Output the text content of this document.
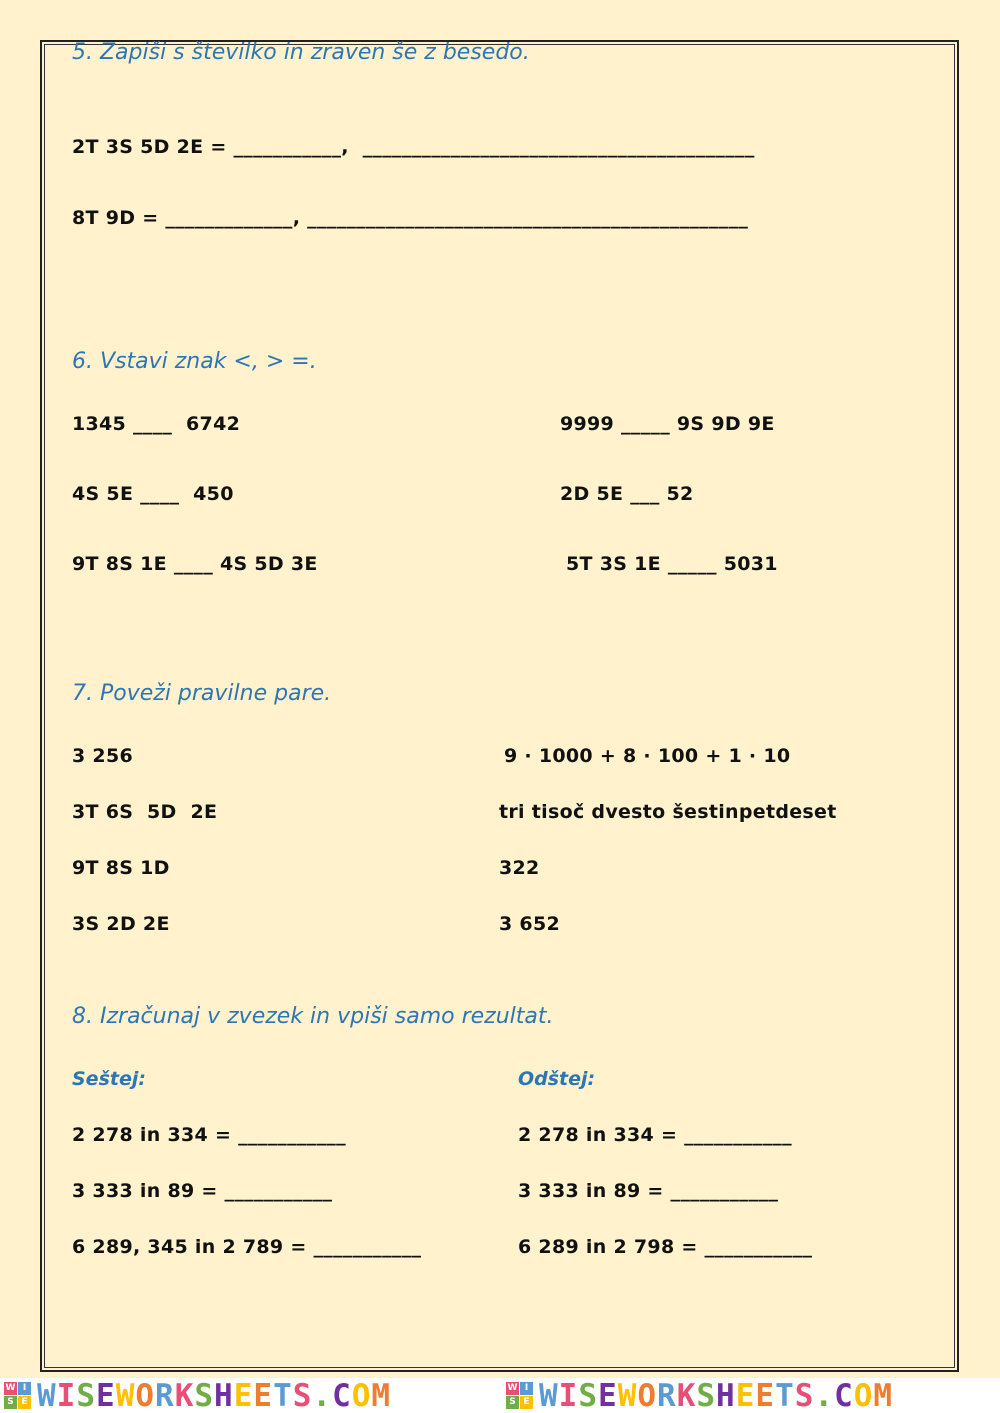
5. Zapiši s številko in zraven še z besedo.
2T 3S 5D 2E = ___________,  ________________________________________
8T 9D = _____________, _____________________________________________
6. Vstavi znak <, > =.
1345 ____  6742
4S 5E ____  450
9T 8S 1E ____ 4S 5D 3E
9999 _____ 9S 9D 9E
2D 5E ___ 52
5T 3S 1E _____ 5031
7. Poveži pravilne pare.
3 256
3T 6S  5D  2E
9T 8S 1D
3S 2D 2E
9 · 1000 + 8 · 100 + 1 · 10
tri tisoč dvesto šestinpetdeset
322
3 652
8. Izračunaj v zvezek in vpiši samo rezultat.
Seštej:	Odštej:
2 278 in 334 = ___________
3 333 in 89 = ___________
6 289, 345 in 2 789 = ___________
2 278 in 334 = ___________
3 333 in 89 = ___________
6 289 in 2 798 = ___________
W I
S E WISEWORKSHEETS.COM	W I
S E WISEWORKSHEETS.COM
